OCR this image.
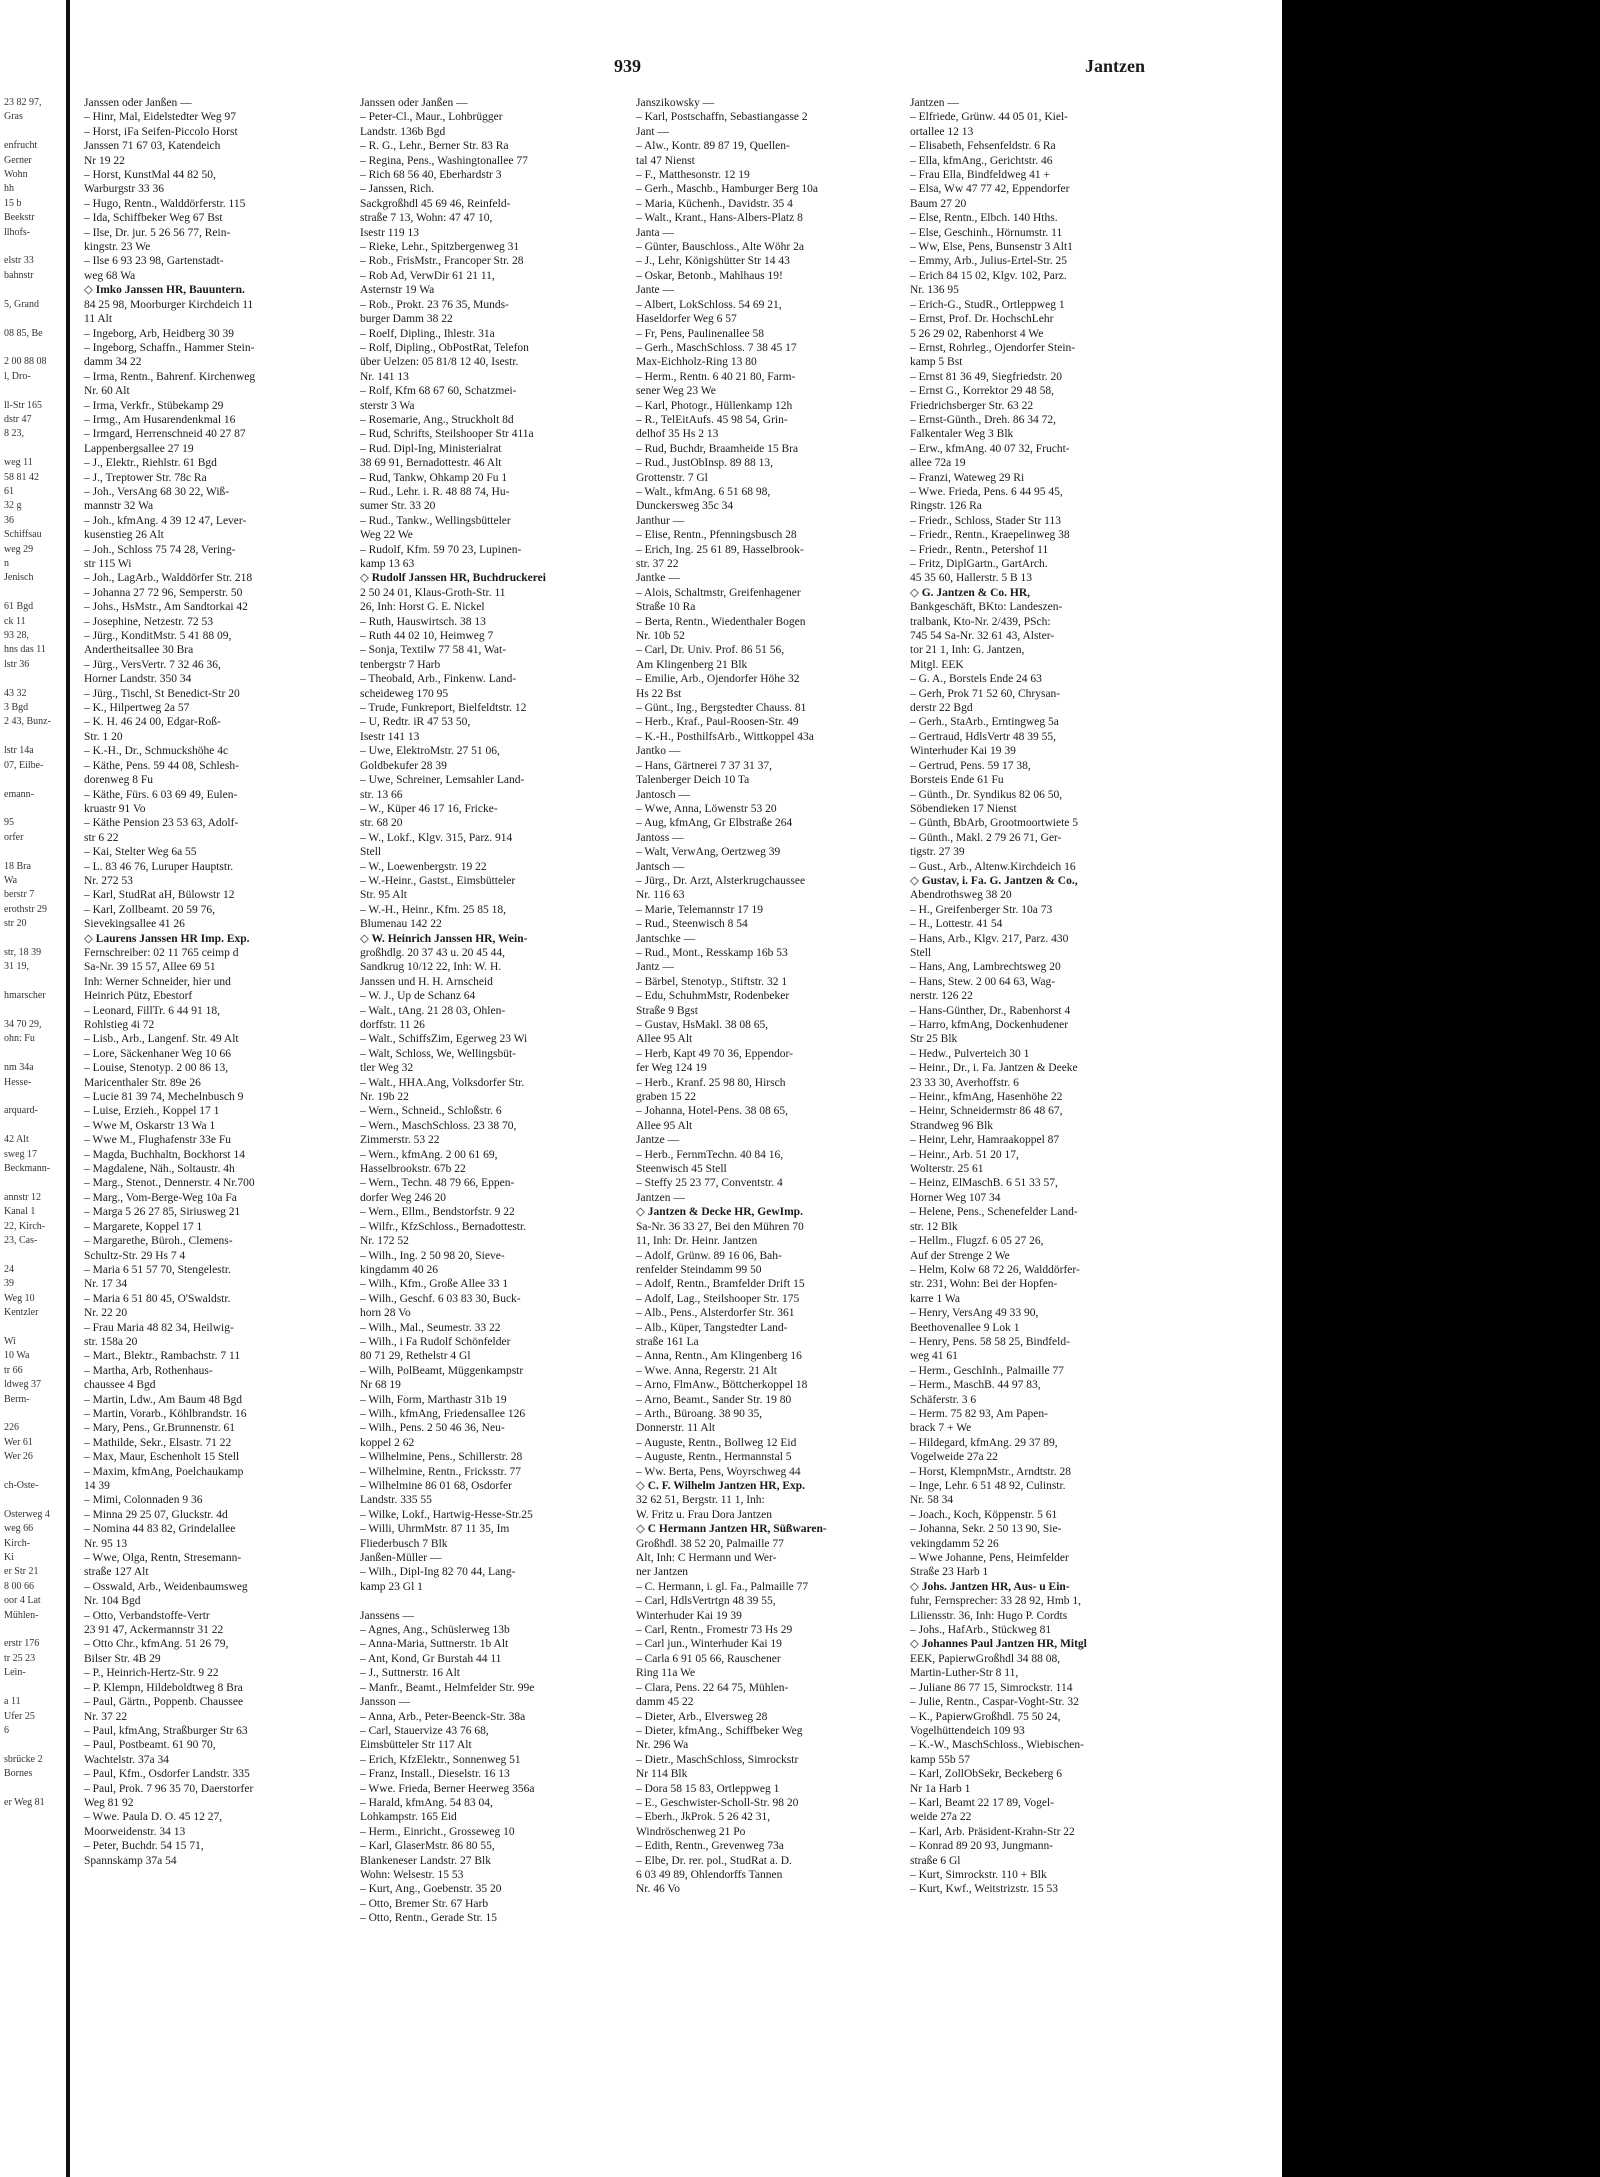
23 82 97,
Gras

enfrucht
Gerner
Wohn
hh
15 b
Beekstr
llhofs-

elstr 33
bahnstr

5, Grand

08 85, Be

2 00 88 08
l, Dro-

ll-Str 165
dstr 47
8 23,

weg 11
58 81 42
61
32 g
36
Schiffsau
weg 29
n
Jenisch

61 Bgd
ck 11
93 28,
hns das 11
lstr 36

43 32
3 Bgd
2 43, Bunz-

lstr 14a
07, Eilbe-

emann-

95
orfer

18 Bra
Wa
berstr 7
erothstr 29
str 20

str, 18 39
31 19,

hmarscher

34 70 29,
ohn: Fu

nm 34a
Hesse-

arquard-

42 Alt
sweg 17
Beckmann-

annstr 12
Kanal 1
22, Kirch-
23, Cas-

24
39
Weg 10
Kentzler

Wi
10 Wa
tr 66
ldweg 37
Berm-

226
Wer 61
Wer 26

ch-Oste-

Osterweg 4
weg 66
Kirch-
Ki
er Str 21
8 00 66
oor 4 Lat
Mühlen-

erstr 176
tr 25 23
Lein-

a 11
Ufer 25
6

sbrücke 2
Bornes

er Weg 81
939	Jantzen
Janssen oder Janßen —
– Hinr, Mal, Eidelstedter Weg 97
– Horst, iFa Seifen-Piccolo Horst
Janssen 71 67 03, Katendeich
Nr 19 22
– Horst, KunstMal 44 82 50,
Warburgstr 33 36
– Hugo, Rentn., Walddörferstr. 115
– Ida, Schiffbeker Weg 67 Bst
– Ilse, Dr. jur. 5 26 56 77, Rein-
kingstr. 23 We
– Ilse 6 93 23 98, Gartenstadt-
weg 68 Wa
◇ Imko Janssen HR, Bauuntern.
84 25 98, Moorburger Kirchdeich 11
11 Alt
– Ingeborg, Arb, Heidberg 30 39
– Ingeborg, Schaffn., Hammer Stein-
damm 34 22
– Irma, Rentn., Bahrenf. Kirchenweg
Nr. 60 Alt
– Irma, Verkfr., Stübekamp 29
– Irmg., Am Husarendenkmal 16
– Irmgard, Herrenschneid 40 27 87
Lappenbergsallee 27 19
– J., Elektr., Riehlstr. 61 Bgd
– J., Treptower Str. 78c Ra
– Joh., VersAng 68 30 22, Wiß-
mannstr 32 Wa
– Joh., kfmAng. 4 39 12 47, Lever-
kusenstieg 26 Alt
– Joh., Schloss 75 74 28, Vering-
str 115 Wi
– Joh., LagArb., Walddörfer Str. 218
– Johanna 27 72 96, Semperstr. 50
– Johs., HsMstr., Am Sandtorkai 42
– Josephine, Netzestr. 72 53
– Jürg., KonditMstr. 5 41 88 09,
Andertheitsallee 30 Bra
– Jürg., VersVertr. 7 32 46 36,
Horner Landstr. 350 34
– Jürg., Tischl, St Benedict-Str 20
– K., Hilpertweg 2a 57
– K. H. 46 24 00, Edgar-Roß-
Str. 1 20
– K.-H., Dr., Schmuckshöhe 4c
– Käthe, Pens. 59 44 08, Schlesh-
dorenweg 8 Fu
– Käthe, Fürs. 6 03 69 49, Eulen-
kruastr 91 Vo
– Käthe Pension 23 53 63, Adolf-
str 6 22
– Kai, Stelter Weg 6a 55
– L. 83 46 76, Luruper Hauptstr.
Nr. 272 53
– Karl, StudRat aH, Bülowstr 12
– Karl, Zollbeamt. 20 59 76,
Sievekingsallee 41 26
◇ Laurens Janssen HR Imp. Exp.
Fernschreiber: 02 11 765 ceimp d
Sa-Nr. 39 15 57, Allee 69 51
Inh: Werner Schneider, hier und
Heinrich Pütz, Ebestorf
– Leonard, FillTr. 6 44 91 18,
Rohlstieg 4i 72
– Lisb., Arb., Langenf. Str. 49 Alt
– Lore, Säckenhaner Weg 10 66
– Louise, Stenotyp. 2 00 86 13,
Maricenthaler Str. 89e 26
– Lucie 81 39 74, Mechelnbusch 9
– Luise, Erzieh., Koppel 17 1
– Wwe M, Oskarstr 13 Wa 1
– Wwe M., Flughafenstr 33e Fu
– Magda, Buchhaltn, Bockhorst 14
– Magdalene, Näh., Soltaustr. 4h
– Marg., Stenot., Dennerstr. 4 Nr.700
– Marg., Vom-Berge-Weg 10a Fa
– Marga 5 26 27 85, Siriusweg 21
– Margarete, Koppel 17 1
– Margarethe, Büroh., Clemens-
Schultz-Str. 29 Hs 7 4
– Maria 6 51 57 70, Stengelestr.
Nr. 17 34
– Maria 6 51 80 45, O'Swaldstr.
Nr. 22 20
– Frau Maria 48 82 34, Heilwig-
str. 158a 20
– Mart., Blektr., Rambachstr. 7 11
– Martha, Arb, Rothenhaus-
chaussee 4 Bgd
– Martin, Ldw., Am Baum 48 Bgd
– Martin, Vorarb., Köhlbrandstr. 16
– Mary, Pens., Gr.Brunnenstr. 61
– Mathilde, Sekr., Elsastr. 71 22
– Max, Maur, Eschenholt 15 Stell
– Maxim, kfmAng, Poelchaukamp
14 39
– Mimi, Colonnaden 9 36
– Minna 29 25 07, Gluckstr. 4d
– Nomina 44 83 82, Grindelallee
Nr. 95 13
– Wwe, Olga, Rentn, Stresemann-
straße 127 Alt
– Osswald, Arb., Weidenbaumsweg
Nr. 104 Bgd
– Otto, Verbandstoffe-Vertr
23 91 47, Ackermannstr 31 22
– Otto Chr., kfmAng. 51 26 79,
Bilser Str. 4B 29
– P., Heinrich-Hertz-Str. 9 22
– P. Klempn, Hildeboldtweg 8 Bra
– Paul, Gärtn., Poppenb. Chaussee
Nr. 37 22
– Paul, kfmAng, Straßburger Str 63
– Paul, Postbeamt. 61 90 70,
Wachtelstr. 37a 34
– Paul, Kfm., Osdorfer Landstr. 335
– Paul, Prok. 7 96 35 70, Daerstorfer
Weg 81 92
– Wwe. Paula D. O. 45 12 27,
Moorweidenstr. 34 13
– Peter, Buchdr. 54 15 71,
Spannskamp 37a 54
Janssen oder Janßen —
– Peter-Cl., Maur., Lohbrügger
Landstr. 136b Bgd
– R. G., Lehr., Berner Str. 83 Ra
– Regina, Pens., Washingtonallee 77
– Rich 68 56 40, Eberhardstr 3
– Janssen, Rich.
Sackgroßhdl 45 69 46, Reinfeld-
straße 7 13, Wohn: 47 47 10,
Isestr 119 13
– Rieke, Lehr., Spitzbergenweg 31
– Rob., FrisMstr., Francoper Str. 28
– Rob Ad, VerwDir 61 21 11,
Asternstr 19 Wa
– Rob., Prokt. 23 76 35, Munds-
burger Damm 38 22
– Roelf, Dipling., Ihlestr. 31a
– Rolf, Dipling., ObPostRat, Telefon
über Uelzen: 05 81/8 12 40, Isestr.
Nr. 141 13
– Rolf, Kfm 68 67 60, Schatzmei-
sterstr 3 Wa
– Rosemarie, Ang., Struckholt 8d
– Rud, Schrifts, Steilshooper Str 411a
– Rud. Dipl-Ing, Ministerialrat
38 69 91, Bernadottestr. 46 Alt
– Rud, Tankw, Ohkamp 20 Fu 1
– Rud., Lehr. i. R. 48 88 74, Hu-
sumer Str. 33 20
– Rud., Tankw., Wellingsbütteler
Weg 22 We
– Rudolf, Kfm. 59 70 23, Lupinen-
kamp 13 63
◇ Rudolf Janssen HR, Buchdruckerei
2 50 24 01, Klaus-Groth-Str. 11
26, Inh: Horst G. E. Nickel
– Ruth, Hauswirtsch. 38 13
– Ruth 44 02 10, Heimweg 7
– Sonja, Textilw 77 58 41, Wat-
tenbergstr 7 Harb
– Theobald, Arb., Finkenw. Land-
scheideweg 170 95
– Trude, Funkreport, Bielfeldtstr. 12
– U, Redtr. iR 47 53 50,
Isestr 141 13
– Uwe, ElektroMstr. 27 51 06,
Goldbekufer 28 39
– Uwe, Schreiner, Lemsahler Land-
str. 13 66
– W., Küper 46 17 16, Fricke-
str. 68 20
– W., Lokf., Klgv. 315, Parz. 914
Stell
– W., Loewenbergstr. 19 22
– W.-Heinr., Gastst., Eimsbütteler
Str. 95 Alt
– W.-H., Heinr., Kfm. 25 85 18,
Blumenau 142 22
◇ W. Heinrich Janssen HR, Wein-
großhdlg. 20 37 43 u. 20 45 44,
Sandkrug 10/12 22, Inh: W. H.
Janssen und H. H. Arnscheid
– W. J., Up de Schanz 64
– Walt., tAng. 21 28 03, Ohlen-
dorffstr. 11 26
– Walt., SchiffsZim, Egerweg 23 Wi
– Walt, Schloss, We, Wellingsbüt-
tler Weg 32
– Walt., HHA.Ang, Volksdorfer Str.
Nr. 19b 22
– Wern., Schneid., Schloßstr. 6
– Wern., MaschSchloss. 23 38 70,
Zimmerstr. 53 22
– Wern., kfmAng. 2 00 61 69,
Hasselbrookstr. 67b 22
– Wern., Techn. 48 79 66, Eppen-
dorfer Weg 246 20
– Wern., Ellm., Bendstorfstr. 9 22
– Wilfr., KfzSchloss., Bernadottestr.
Nr. 172 52
– Wilh., Ing. 2 50 98 20, Sieve-
kingdamm 40 26
– Wilh., Kfm., Große Allee 33 1
– Wilh., Geschf. 6 03 83 30, Buck-
horn 28 Vo
– Wilh., Mal., Seumestr. 33 22
– Wilh., i Fa Rudolf Schönfelder
80 71 29, Rethelstr 4 Gl
– Wilh, PolBeamt, Müggenkampstr
Nr 68 19
– Wilh, Form, Marthastr 31b 19
– Wilh., kfmAng, Friedensallee 126
– Wilh., Pens. 2 50 46 36, Neu-
koppel 2 62
– Wilhelmine, Pens., Schillerstr. 28
– Wilhelmine, Rentn., Fricksstr. 77
– Wilhelmine 86 01 68, Osdorfer
Landstr. 335 55
– Wilke, Lokf., Hartwig-Hesse-Str.25
– Willi, UhrmMstr. 87 11 35, Im
Fliederbusch 7 Blk
Janßen-Müller —
– Wilh., Dipl-Ing 82 70 44, Lang-
kamp 23 Gl 1

Janssens —
– Agnes, Ang., Schüslerweg 13b
– Anna-Maria, Suttnerstr. 1b Alt
– Ant, Kond, Gr Burstah 44 11
– J., Suttnerstr. 16 Alt
– Manfr., Beamt., Helmfelder Str. 99e
Jansson —
– Anna, Arb., Peter-Beenck-Str. 38a
– Carl, Stauervize 43 76 68,
Eimsbütteler Str 117 Alt
– Erich, KfzElektr., Sonnenweg 51
– Franz, Install., Dieselstr. 16 13
– Wwe. Frieda, Berner Heerweg 356a
– Harald, kfmAng. 54 83 04,
Lohkampstr. 165 Eid
– Herm., Einricht., Grosseweg 10
– Karl, GlaserMstr. 86 80 55,
Blankeneser Landstr. 27 Blk
Wohn: Welsestr. 15 53
– Kurt, Ang., Goebenstr. 35 20
– Otto, Bremer Str. 67 Harb
– Otto, Rentn., Gerade Str. 15
Janszikowsky —
– Karl, Postschaffn, Sebastiangasse 2
Jant —
– Alw., Kontr. 89 87 19, Quellen-
tal 47 Nienst
– F., Matthesonstr. 12 19
– Gerh., Maschb., Hamburger Berg 10a
– Maria, Küchenh., Davidstr. 35 4
– Walt., Krant., Hans-Albers-Platz 8
Janta —
– Günter, Bauschloss., Alte Wöhr 2a
– J., Lehr, Königshütter Str 14 43
– Oskar, Betonb., Mahlhaus 19!
Jante —
– Albert, LokSchloss. 54 69 21,
Haseldorfer Weg 6 57
– Fr, Pens, Paulinenallee 58
– Gerh., MaschSchloss. 7 38 45 17
Max-Eichholz-Ring 13 80
– Herm., Rentn. 6 40 21 80, Farm-
sener Weg 23 We
– Karl, Photogr., Hüllenkamp 12h
– R., TelEitAufs. 45 98 54, Grin-
delhof 35 Hs 2 13
– Rud, Buchdr, Braamheide 15 Bra
– Rud., JustObInsp. 89 88 13,
Grottenstr. 7 Gl
– Walt., kfmAng. 6 51 68 98,
Dunckersweg 35c 34
Janthur —
– Elise, Rentn., Pfenningsbusch 28
– Erich, Ing. 25 61 89, Hasselbrook-
str. 37 22
Jantke —
– Alois, Schaltmstr, Greifenhagener
Straße 10 Ra
– Berta, Rentn., Wiedenthaler Bogen
Nr. 10b 52
– Carl, Dr. Univ. Prof. 86 51 56,
Am Klingenberg 21 Blk
– Emilie, Arb., Ojendorfer Höhe 32
Hs 22 Bst
– Günt., Ing., Bergstedter Chauss. 81
– Herb., Kraf., Paul-Roosen-Str. 49
– K.-H., PosthilfsArb., Wittkoppel 43a
Jantko —
– Hans, Gärtnerei 7 37 31 37,
Talenberger Deich 10 Ta
Jantosch —
– Wwe, Anna, Löwenstr 53 20
– Aug, kfmAng, Gr Elbstraße 264
Jantoss —
– Walt, VerwAng, Oertzweg 39
Jantsch —
– Jürg., Dr. Arzt, Alsterkrugchaussee
Nr. 116 63
– Marie, Telemannstr 17 19
– Rud., Steenwisch 8 54
Jantschke —
– Rud., Mont., Resskamp 16b 53
Jantz —
– Bärbel, Stenotyp., Stiftstr. 32 1
– Edu, SchuhmMstr, Rodenbeker
Straße 9 Bgst
– Gustav, HsMakl. 38 08 65,
Allee 95 Alt
– Herb, Kapt 49 70 36, Eppendor-
fer Weg 124 19
– Herb., Kranf. 25 98 80, Hirsch
graben 15 22
– Johanna, Hotel-Pens. 38 08 65,
Allee 95 Alt
Jantze —
– Herb., FernmTechn. 40 84 16,
Steenwisch 45 Stell
– Steffy 25 23 77, Conventstr. 4
Jantzen —
◇ Jantzen & Decke HR, GewImp.
Sa-Nr. 36 33 27, Bei den Mühren 70
11, Inh: Dr. Heinr. Jantzen
– Adolf, Grünw. 89 16 06, Bah-
renfelder Steindamm 99 50
– Adolf, Rentn., Bramfelder Drift 15
– Adolf, Lag., Steilshooper Str. 175
– Alb., Pens., Alsterdorfer Str. 361
– Alb., Küper, Tangstedter Land-
straße 161 La
– Anna, Rentn., Am Klingenberg 16
– Wwe. Anna, Regerstr. 21 Alt
– Arno, FlmAnw., Böttcherkoppel 18
– Arno, Beamt., Sander Str. 19 80
– Arth., Büroang. 38 90 35,
Donnerstr. 11 Alt
– Auguste, Rentn., Bollweg 12 Eid
– Auguste, Rentn., Hermannstal 5
– Ww. Berta, Pens, Woyrschweg 44
◇ C. F. Wilhelm Jantzen HR, Exp.
32 62 51, Bergstr. 11 1, Inh:
W. Fritz u. Frau Dora Jantzen
◇ C Hermann Jantzen HR, Süßwaren-
Großhdl. 38 52 20, Palmaille 77
Alt, Inh: C Hermann und Wer-
ner Jantzen
– C. Hermann, i. gl. Fa., Palmaille 77
– Carl, HdlsVertrtgn 48 39 55,
Winterhuder Kai 19 39
– Carl, Rentn., Fromestr 73 Hs 29
– Carl jun., Winterhuder Kai 19
– Carla 6 91 05 66, Rauschener
Ring 11a We
– Clara, Pens. 22 64 75, Mühlen-
damm 45 22
– Dieter, Arb., Elversweg 28
– Dieter, kfmAng., Schiffbeker Weg
Nr. 296 Wa
– Dietr., MaschSchloss, Simrockstr
Nr 114 Blk
– Dora 58 15 83, Ortleppweg 1
– E., Geschwister-Scholl-Str. 98 20
– Eberh., JkProk. 5 26 42 31,
Windröschenweg 21 Po
– Edith, Rentn., Grevenweg 73a
– Elbe, Dr. rer. pol., StudRat a. D.
6 03 49 89, Ohlendorffs Tannen
Nr. 46 Vo
Jantzen —
– Elfriede, Grünw. 44 05 01, Kiel-
ortallee 12 13
– Elisabeth, Fehsenfeldstr. 6 Ra
– Ella, kfmAng., Gerichtstr. 46
– Frau Ella, Bindfeldweg 41 +
– Elsa, Ww 47 77 42, Eppendorfer
Baum 27 20
– Else, Rentn., Elbch. 140 Hths.
– Else, Geschinh., Hörnumstr. 11
– Ww, Else, Pens, Bunsenstr 3 Alt1
– Emmy, Arb., Julius-Ertel-Str. 25
– Erich 84 15 02, Klgv. 102, Parz.
Nr. 136 95
– Erich-G., StudR., Ortleppweg 1
– Ernst, Prof. Dr. HochschLehr
5 26 29 02, Rabenhorst 4 We
– Ernst, Rohrleg., Ojendorfer Stein-
kamp 5 Bst
– Ernst 81 36 49, Siegfriedstr. 20
– Ernst G., Korrektor 29 48 58,
Friedrichsberger Str. 63 22
– Ernst-Günth., Dreh. 86 34 72,
Falkentaler Weg 3 Blk
– Erw., kfmAng. 40 07 32, Frucht-
allee 72a 19
– Franzi, Wateweg 29 Ri
– Wwe. Frieda, Pens. 6 44 95 45,
Ringstr. 126 Ra
– Friedr., Schloss, Stader Str 113
– Friedr., Rentn., Kraepelinweg 38
– Friedr., Rentn., Petershof 11
– Fritz, DiplGartn., GartArch.
45 35 60, Hallerstr. 5 B 13
◇ G. Jantzen & Co. HR,
Bankgeschäft, BKto: Landeszen-
tralbank, Kto-Nr. 2/439, PSch:
745 54 Sa-Nr. 32 61 43, Alster-
tor 21 1, Inh: G. Jantzen,
Mitgl. EEK
– G. A., Borstels Ende 24 63
– Gerh, Prok 71 52 60, Chrysan-
derstr 22 Bgd
– Gerh., StaArb., Erntingweg 5a
– Gertraud, HdlsVertr 48 39 55,
Winterhuder Kai 19 39
– Gertrud, Pens. 59 17 38,
Borsteis Ende 61 Fu
– Günth., Dr. Syndikus 82 06 50,
Söbendieken 17 Nienst
– Günth, BbArb, Grootmoortwiete 5
– Günth., Makl. 2 79 26 71, Ger-
tigstr. 27 39
– Gust., Arb., Altenw.Kirchdeich 16
◇ Gustav, i. Fa. G. Jantzen & Co.,
Abendrothsweg 38 20
– H., Greifenberger Str. 10a 73
– H., Lottestr. 41 54
– Hans, Arb., Klgv. 217, Parz. 430
Stell
– Hans, Ang, Lambrechtsweg 20
– Hans, Stew. 2 00 64 63, Wag-
nerstr. 126 22
– Hans-Günther, Dr., Rabenhorst 4
– Harro, kfmAng, Dockenhudener
Str 25 Blk
– Hedw., Pulverteich 30 1
– Heinr., Dr., i. Fa. Jantzen & Deeke
23 33 30, Averhoffstr. 6
– Heinr., kfmAng, Hasenhöhe 22
– Heinr, Schneidermstr 86 48 67,
Strandweg 96 Blk
– Heinr, Lehr, Hamraakoppel 87
– Heinr., Arb. 51 20 17,
Wolterstr. 25 61
– Heinz, ElMaschB. 6 51 33 57,
Horner Weg 107 34
– Helene, Pens., Schenefelder Land-
str. 12 Blk
– Hellm., Flugzf. 6 05 27 26,
Auf der Strenge 2 We
– Helm, Kolw 68 72 26, Walddörfer-
str. 231, Wohn: Bei der Hopfen-
karre 1 Wa
– Henry, VersAng 49 33 90,
Beethovenallee 9 Lok 1
– Henry, Pens. 58 58 25, Bindfeld-
weg 41 61
– Herm., GeschInh., Palmaille 77
– Herm., MaschB. 44 97 83,
Schäferstr. 3 6
– Herm. 75 82 93, Am Papen-
brack 7 + We
– Hildegard, kfmAng. 29 37 89,
Vogelweide 27a 22
– Horst, KlempnMstr., Arndtstr. 28
– Inge, Lehr. 6 51 48 92, Culinstr.
Nr. 58 34
– Joach., Koch, Köppenstr. 5 61
– Johanna, Sekr. 2 50 13 90, Sie-
vekingdamm 52 26
– Wwe Johanne, Pens, Heimfelder
Straße 23 Harb 1
◇ Johs. Jantzen HR, Aus- u Ein-
fuhr, Fernsprecher: 33 28 92, Hmb 1,
Liliensstr. 36, Inh: Hugo P. Cordts
– Johs., HafArb., Stückweg 81
◇ Johannes Paul Jantzen HR, Mitgl
EEK, PapierwGroßhdl 34 88 08,
Martin-Luther-Str 8 11,
– Juliane 86 77 15, Simrockstr. 114
– Julie, Rentn., Caspar-Voght-Str. 32
– K., PapierwGroßhdl. 75 50 24,
Vogelhüttendeich 109 93
– K.-W., MaschSchloss., Wiebischen-
kamp 55b 57
– Karl, ZollObSekr, Beckeberg 6
Nr 1a Harb 1
– Karl, Beamt 22 17 89, Vogel-
weide 27a 22
– Karl, Arb. Präsident-Krahn-Str 22
– Konrad 89 20 93, Jungmann-
straße 6 Gl
– Kurt, Simrockstr. 110 + Blk
– Kurt, Kwf., Weitstrizstr. 15 53
